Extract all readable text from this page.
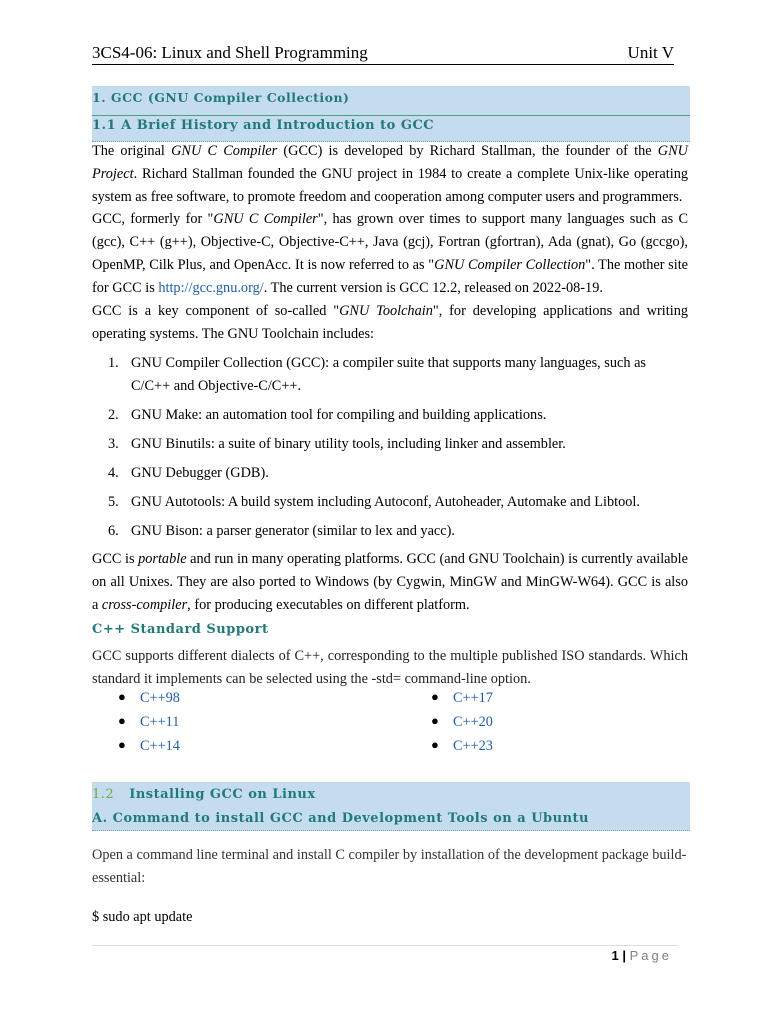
3CS4-06: Linux and Shell Programming	Unit V
1. GCC (GNU Compiler Collection)
1.1 A Brief History and Introduction to GCC
The original GNU C Compiler (GCC) is developed by Richard Stallman, the founder of the GNU Project. Richard Stallman founded the GNU project in 1984 to create a complete Unix-like operating system as free software, to promote freedom and cooperation among computer users and programmers.
GCC, formerly for "GNU C Compiler", has grown over times to support many languages such as C (gcc), C++ (g++), Objective-C, Objective-C++, Java (gcj), Fortran (gfortran), Ada (gnat), Go (gccgo), OpenMP, Cilk Plus, and OpenAcc. It is now referred to as "GNU Compiler Collection". The mother site for GCC is http://gcc.gnu.org/. The current version is GCC 12.2, released on 2022-08-19.
GCC is a key component of so-called "GNU Toolchain", for developing applications and writing operating systems. The GNU Toolchain includes:
1. GNU Compiler Collection (GCC): a compiler suite that supports many languages, such as C/C++ and Objective-C/C++.
2. GNU Make: an automation tool for compiling and building applications.
3. GNU Binutils: a suite of binary utility tools, including linker and assembler.
4. GNU Debugger (GDB).
5. GNU Autotools: A build system including Autoconf, Autoheader, Automake and Libtool.
6. GNU Bison: a parser generator (similar to lex and yacc).
GCC is portable and run in many operating platforms. GCC (and GNU Toolchain) is currently available on all Unixes. They are also ported to Windows (by Cygwin, MinGW and MinGW-W64). GCC is also a cross-compiler, for producing executables on different platform.
C++ Standard Support
GCC supports different dialects of C++, corresponding to the multiple published ISO standards. Which standard it implements can be selected using the -std= command-line option.
● C++98
● C++11
● C++14
● C++17
● C++20
● C++23
1.2 Installing GCC on Linux
A. Command to install GCC and Development Tools on a Ubuntu
Open a command line terminal and install C compiler by installation of the development package build-essential:
$ sudo apt update
1 | Page
